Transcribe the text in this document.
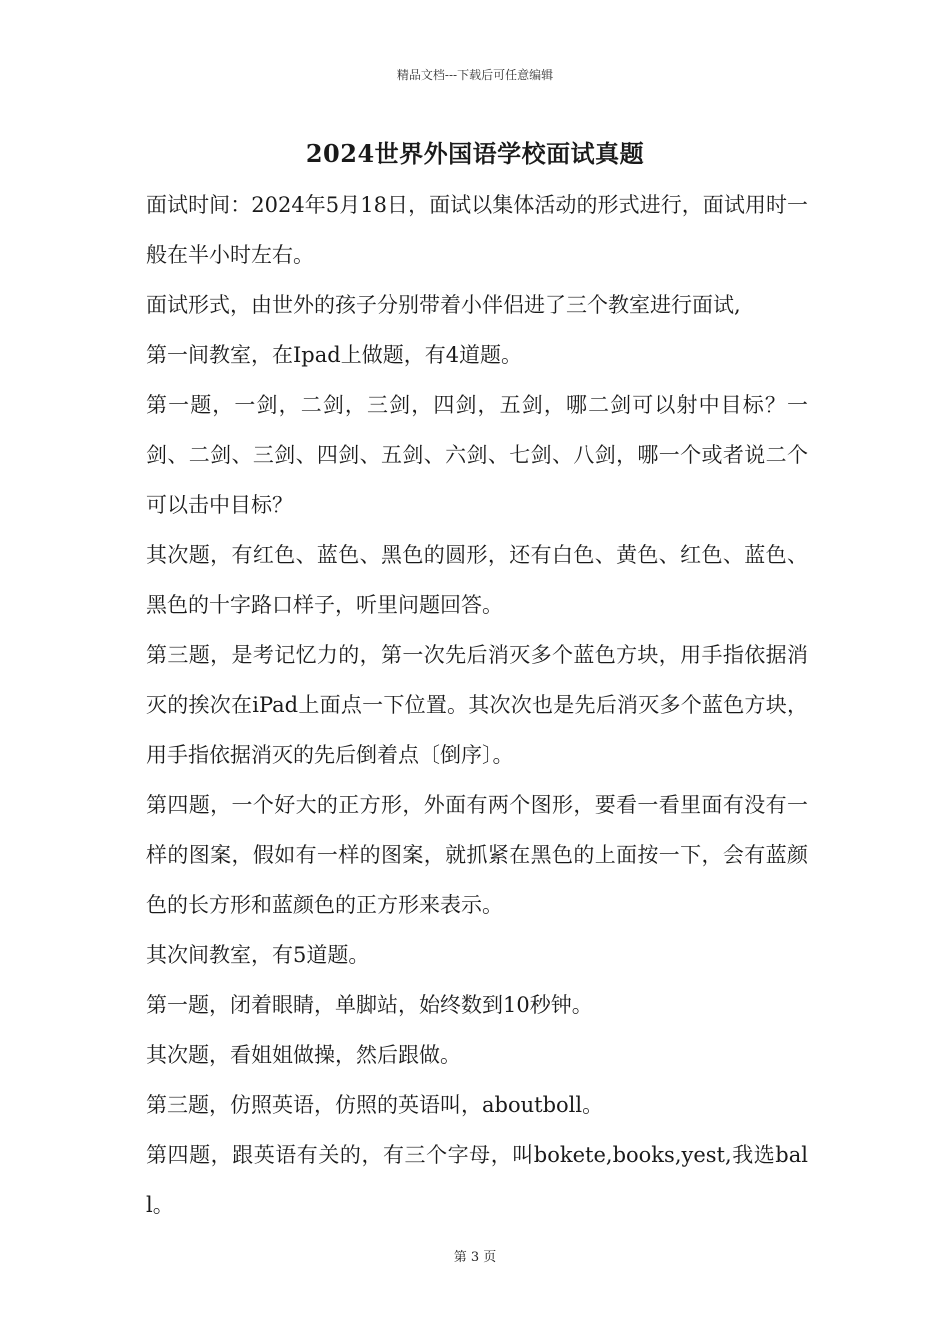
精品文档---下载后可任意编辑
2024世界外国语学校面试真题

面试时间：2024年5月18日，面试以集体活动的形式进行，面试用时一般在半小时左右。

面试形式，由世外的孩子分别带着小伴侣进了三个教室进行面试,

第一间教室，在Ipad上做题，有4道题。

第一题，一剑，二剑，三剑，四剑，五剑，哪二剑可以射中目标？一剑、二剑、三剑、四剑、五剑、六剑、七剑、八剑，哪一个或者说二个可以击中目标？

其次题，有红色、蓝色、黑色的圆形，还有白色、黄色、红色、蓝色、黑色的十字路口样子，听里问题回答。

第三题，是考记忆力的，第一次先后消灭多个蓝色方块，用手指依据消灭的挨次在iPad上面点一下位置。其次次也是先后消灭多个蓝色方块，用手指依据消灭的先后倒着点〔倒序〕。

第四题，一个好大的正方形，外面有两个图形，要看一看里面有没有一样的图案，假如有一样的图案，就抓紧在黑色的上面按一下，会有蓝颜色的长方形和蓝颜色的正方形来表示。

其次间教室，有5道题。

第一题，闭着眼睛，单脚站，始终数到10秒钟。

其次题，看姐姐做操，然后跟做。

第三题，仿照英语，仿照的英语叫，aboutboll。

第四题，跟英语有关的，有三个字母，叫bokete,books,yest,我选ball。

第 3 页
